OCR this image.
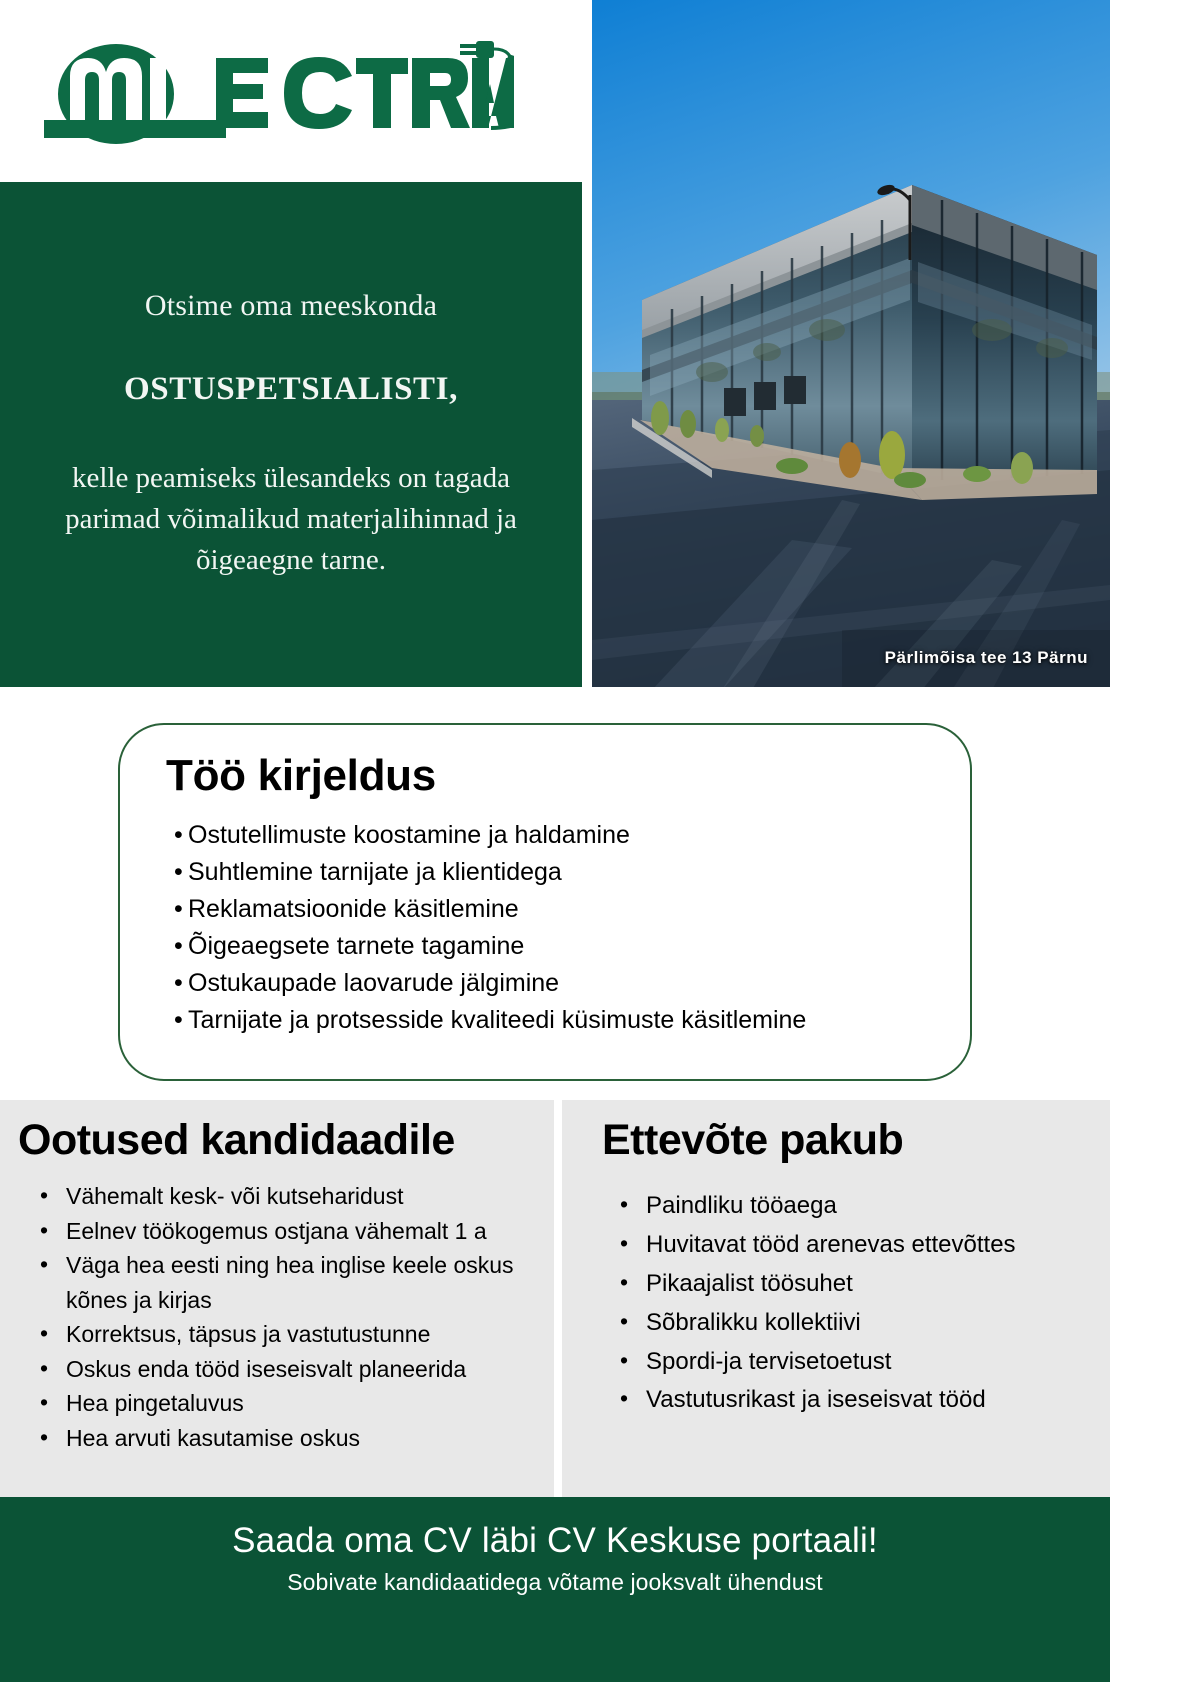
Otsime oma meeskonda

OSTUSPETSIALISTI,

kelle peamiseks ülesandeks on tagada parimad võimalikud materjalihinnad ja õigeaegne tarne.

Pärlimõisa tee 13 Pärnu
Töö kirjeldus
• Ostutellimuste koostamine ja haldamine
• Suhtlemine tarnijate ja klientidega
• Reklamatsioonide käsitlemine
• Õigeaegsete tarnete tagamine
• Ostukaupade laovarude jälgimine
• Tarnijate ja protsesside kvaliteedi küsimuste käsitlemine
Ootused kandidaadile
• Vähemalt kesk- või kutseharidust
• Eelnev töökogemus ostjana vähemalt 1 a
• Väga hea eesti ning hea inglise keele oskus
kõnes ja kirjas
• Korrektsus, täpsus ja vastutustunne
• Oskus enda tööd iseseisvalt planeerida
• Hea pingetaluvus
• Hea arvuti kasutamise oskus
Ettevõte pakub
• Paindliku tööaega
• Huvitavat tööd arenevas ettevõttes
• Pikaajalist töösuhet
• Sõbralikku kollektiivi
• Spordi-ja tervisetoetust
• Vastutusrikast ja iseseisvat tööd

Saada oma CV läbi CV Keskuse portaali!

Sobivate kandidaatidega võtame jooksvalt ühendust
